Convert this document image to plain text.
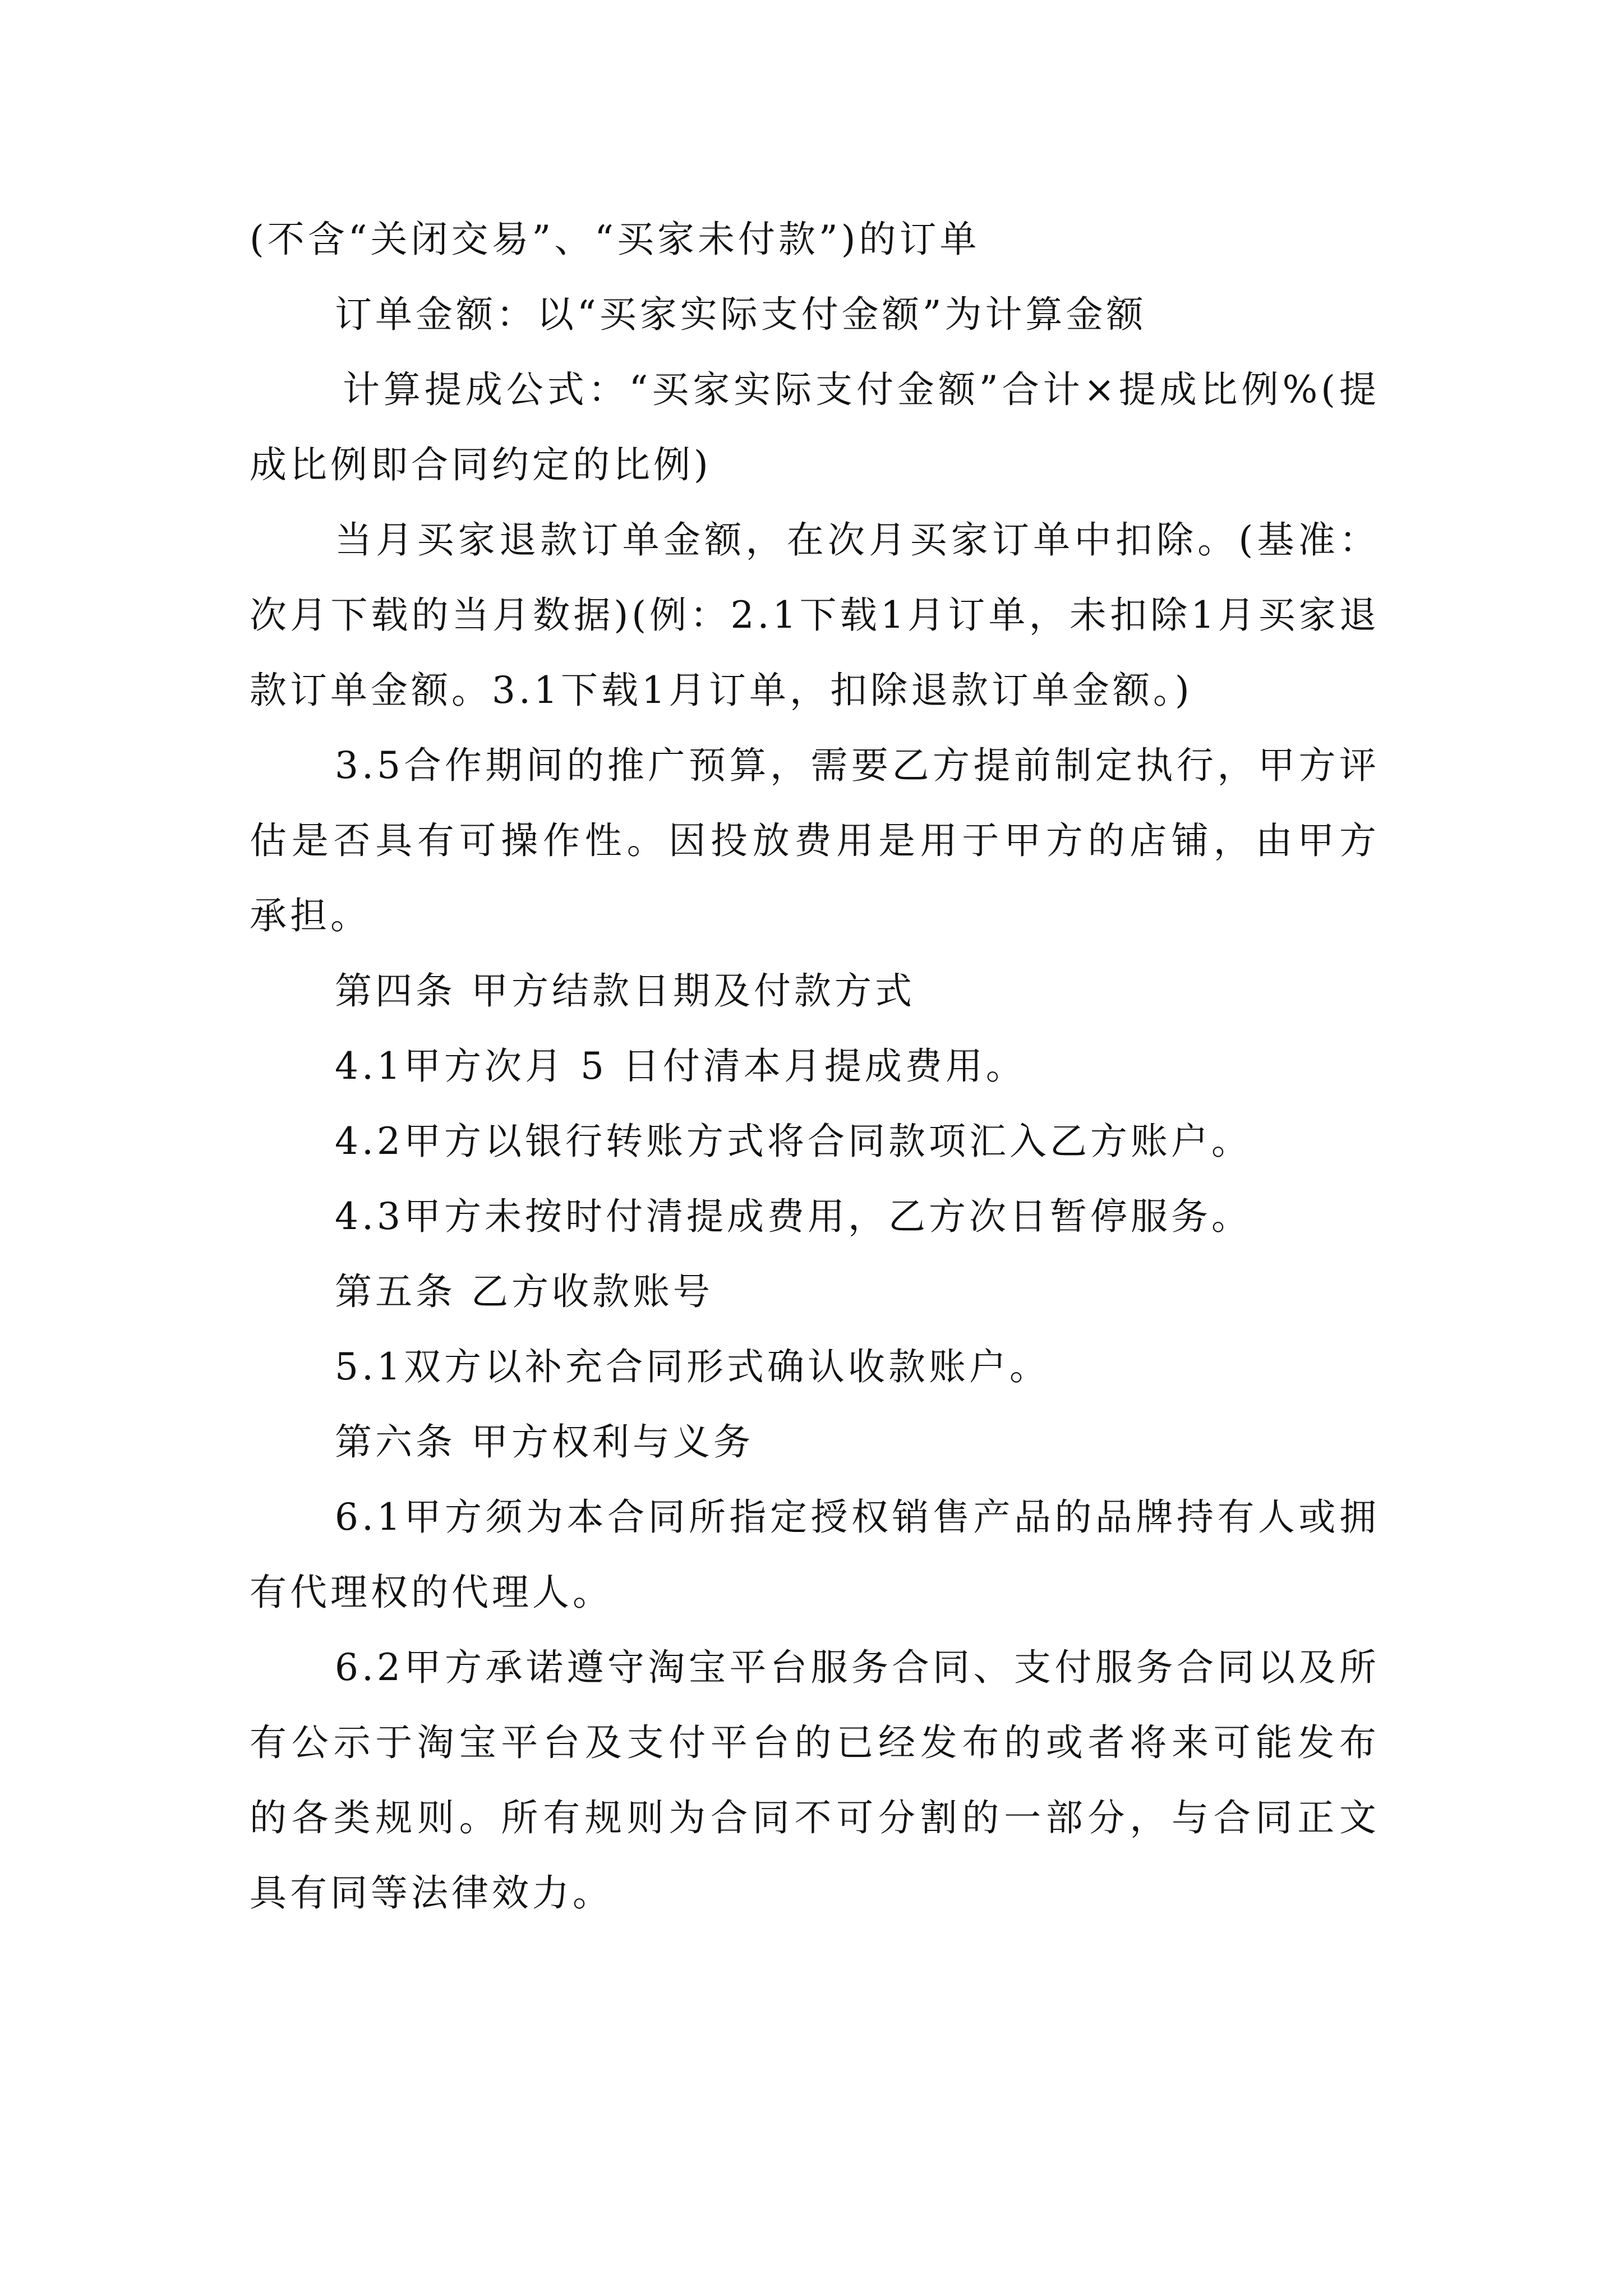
(不含“关闭交易”、“买家未付款”)的订单

订单金额：以“买家实际支付金额”为计算金额

计算提成公式：“买家实际支付金额”合计×提成比例%(提成比例即合同约定的比例)

当月买家退款订单金额，在次月买家订单中扣除。(基准：次月下载的当月数据)(例：2.1下载1月订单，未扣除1月买家退款订单金额。3.1下载1月订单，扣除退款订单金额。)

3.5合作期间的推广预算，需要乙方提前制定执行，甲方评估是否具有可操作性。因投放费用是用于甲方的店铺，由甲方承担。

第四条 甲方结款日期及付款方式

4.1甲方次月 5 日付清本月提成费用。

4.2甲方以银行转账方式将合同款项汇入乙方账户。

4.3甲方未按时付清提成费用，乙方次日暂停服务。

第五条 乙方收款账号

5.1双方以补充合同形式确认收款账户。

第六条 甲方权利与义务

6.1甲方须为本合同所指定授权销售产品的品牌持有人或拥有代理权的代理人。

6.2甲方承诺遵守淘宝平台服务合同、支付服务合同以及所有公示于淘宝平台及支付平台的已经发布的或者将来可能发布的各类规则。所有规则为合同不可分割的一部分，与合同正文具有同等法律效力。
